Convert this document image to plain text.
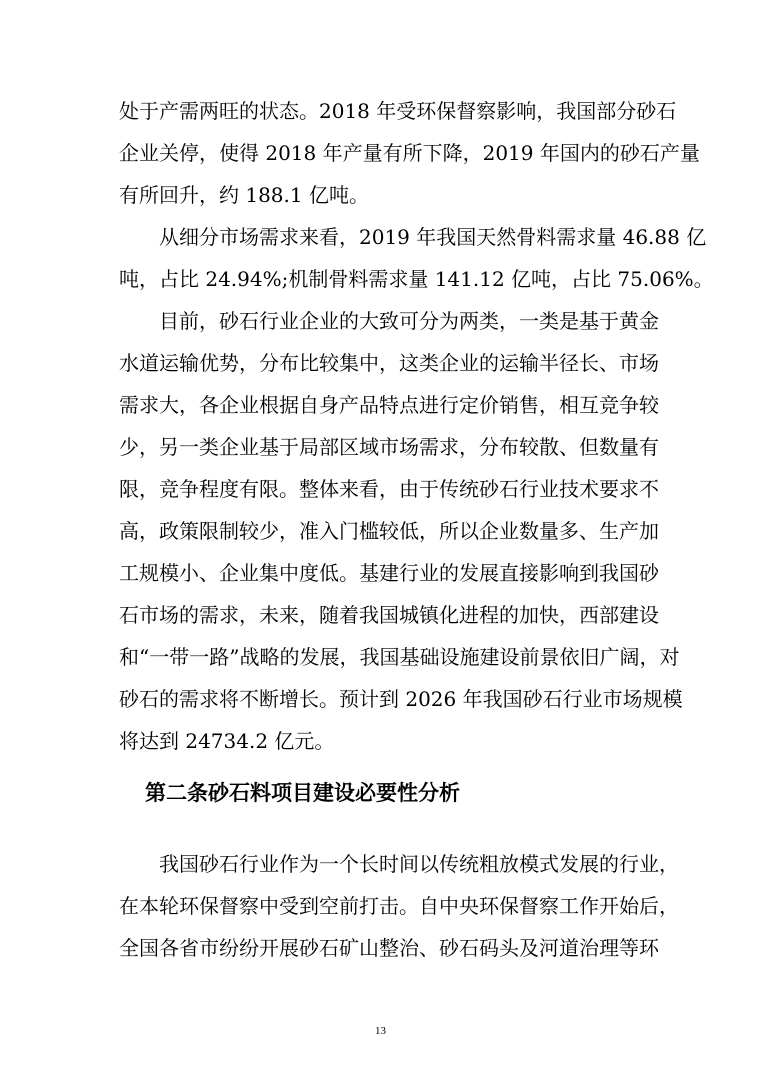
处于产需两旺的状态。2018 年受环保督察影响，我国部分砂石
企业关停，使得 2018 年产量有所下降，2019 年国内的砂石产量
有所回升，约 188.1 亿吨。

　　从细分市场需求来看，2019 年我国天然骨料需求量 46.88 亿
吨，占比 24.94%;机制骨料需求量 141.12 亿吨，占比 75.06%。

　　目前，砂石行业企业的大致可分为两类，一类是基于黄金
水道运输优势，分布比较集中，这类企业的运输半径长、市场
需求大，各企业根据自身产品特点进行定价销售，相互竞争较
少，另一类企业基于局部区域市场需求，分布较散、但数量有
限，竞争程度有限。整体来看，由于传统砂石行业技术要求不
高，政策限制较少，准入门槛较低，所以企业数量多、生产加
工规模小、企业集中度低。基建行业的发展直接影响到我国砂
石市场的需求，未来，随着我国城镇化进程的加快，西部建设
和“一带一路”战略的发展，我国基础设施建设前景依旧广阔，对
砂石的需求将不断增长。预计到 2026 年我国砂石行业市场规模
将达到 24734.2 亿元。

第二条砂石料项目建设必要性分析

　　我国砂石行业作为一个长时间以传统粗放模式发展的行业，
在本轮环保督察中受到空前打击。自中央环保督察工作开始后，
全国各省市纷纷开展砂石矿山整治、砂石码头及河道治理等环

13
